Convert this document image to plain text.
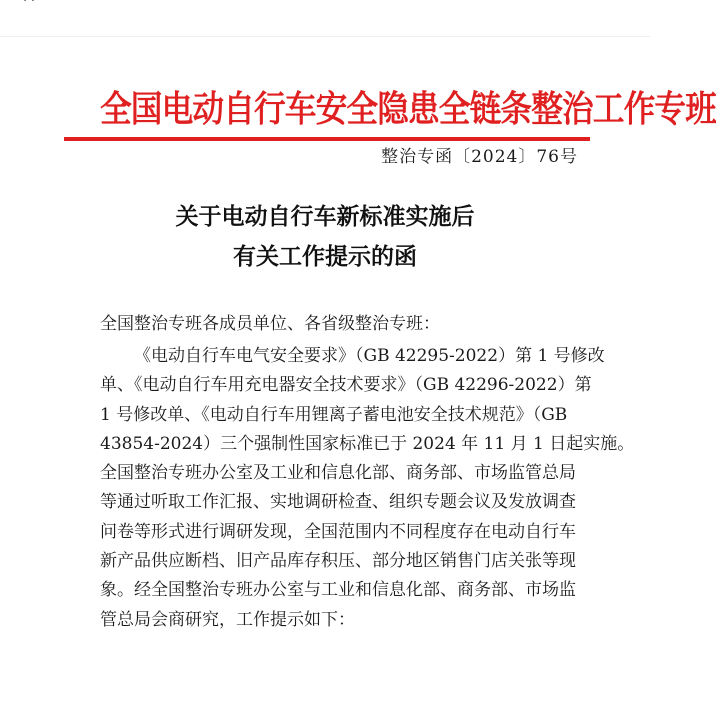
全国电动自行车安全隐患全链条整治工作专班
整治专函〔2024〕76号
关于电动自行车新标准实施后
有关工作提示的函
全国整治专班各成员单位、各省级整治专班：
《电动自行车电气安全要求》（GB 42295-2022）第 1 号修改
单、《电动自行车用充电器安全技术要求》（GB 42296-2022）第
1 号修改单、《电动自行车用锂离子蓄电池安全技术规范》（GB
43854-2024）三个强制性国家标准已于 2024 年 11 月 1 日起实施。
全国整治专班办公室及工业和信息化部、商务部、市场监管总局
等通过听取工作汇报、实地调研检查、组织专题会议及发放调查
问卷等形式进行调研发现，全国范围内不同程度存在电动自行车
新产品供应断档、旧产品库存积压、部分地区销售门店关张等现
象。经全国整治专班办公室与工业和信息化部、商务部、市场监
管总局会商研究，工作提示如下：
